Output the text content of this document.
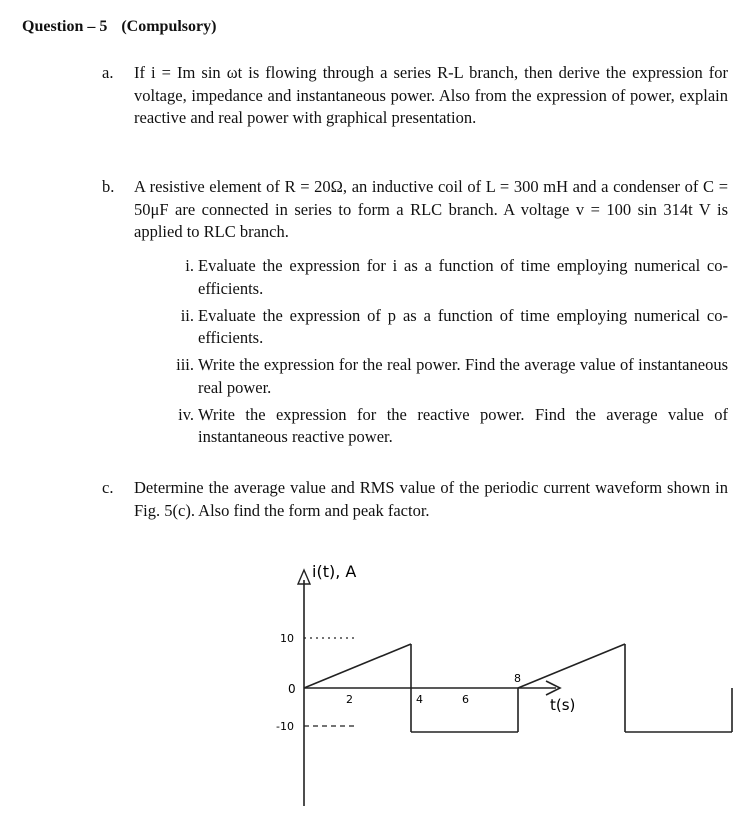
Question – 5 (Compulsory)
a. If i = Im sin ωt is flowing through a series R-L branch, then derive the expression for voltage, impedance and instantaneous power. Also from the expression of power, explain reactive and real power with graphical presentation.
b. A resistive element of R = 20Ω, an inductive coil of L = 300 mH and a condenser of C = 50μF are connected in series to form a RLC branch. A voltage v = 100 sin 314t V is applied to RLC branch.
i. Evaluate the expression for i as a function of time employing numerical co-efficients.
ii. Evaluate the expression of p as a function of time employing numerical co-efficients.
iii. Write the expression for the real power. Find the average value of instantaneous real power.
iv. Write the expression for the reactive power. Find the average value of instantaneous reactive power.
c. Determine the average value and RMS value of the periodic current waveform shown in Fig. 5(c). Also find the form and peak factor.
i(t), A
t(s)
10
0
-10
2	4	6
8
